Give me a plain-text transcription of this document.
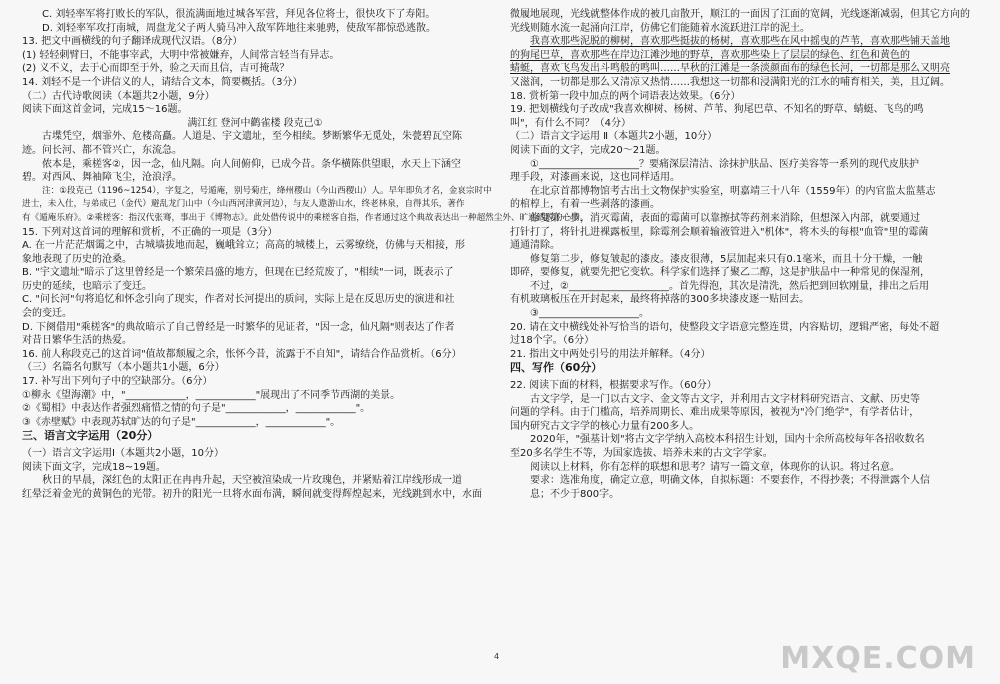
C. 刘轻率军将打败长的军队，很流满面地过城各军营，拜见各位将士，很快攻下了寿阳。
D. 刘轻率军攻打南城，周盘龙父子两人骑马冲入敌军阵地往来驰骋，使敌军都惊恐逃散。
13. 把文中画横线的句子翻译成现代汉语。（8分）
(1) 轻轻刺臂曰，不能事宰武，大明中常被嫌弃，人间常言轻当有异志。
(2) 义不义，去于心而即至于外，验之天而且信，吉可掩哉？
14. 刘轻不是一个讲信义的人，请结合文本，简要概括。（3分）
（二）古代诗歌阅读（本题共2小题，9分）
阅读下面这首金词，完成15～16题。
满江红 登河中鹳雀楼 段克己①
古堞凭空，烟霏外、危楼高矗。人道是、宇文遗址，至今相续。梦断繁华无觅处，朱甍碧瓦空陈
迹。问长河、都不管兴亡，东流急。
侬本是，乘槎客②，因一念，仙凡隔。向人间俯仰，已成今昔。条华横陈供望眼，水天上下涵空
碧。对西风、舞袖障飞尘，沧浪浮。
注：①段克己（1196~1254），字复之，号遁庵，别号菊庄，绛州稷山（今山西稷山）人。早年即负才名，金哀宗时中
进士，未入仕，与弟成已（金代）避乱龙门山中（今山西河津黄河边），与友人遨游山水，终老林泉，自得其乐，著作
有《遁庵乐府》。②乘槎客：指汉代张骞，事出于《博物志》。此处借传说中的乘槎客自指，作者通过这个典故表达出一种超然尘外、旷达洒脱的心情。
15. 下列对这首词的理解和赏析，不正确的一项是（3分）
A. 在一片茫茫烟霭之中，古城墙拔地而起，巍峨耸立；高高的城楼上，云雾缭绕，仿佛与天相接，形
象地表现了历史的沧桑。
B. "宇文遗址"暗示了这里曾经是一个繁荣昌盛的地方，但现在已经荒废了，"相续"一词，既表示了
历史的延续，也暗示了变迁。
C. "问长河"句将追忆和怀念引向了现实，作者对长河提出的质问，实际上是在反思历史的演进和社
会的变迁。
D. 下阕借用"乘槎客"的典故暗示了自己曾经是一时繁华的见证者，"因一念，仙凡隔"则表达了作者
对昔日繁华生活的热爱。
16. 前人称段克己的这首词"值故都颓履之余，怅怀今昔，流露于不自知"，请结合作品赏析。（6分）
（三）名篇名句默写（本小题共1小题，6分）
17. 补写出下列句子中的空缺部分。（6分）
①柳永《望海潮》中，"____________，____________"展现出了不同季节西湖的美景。
②《蜀相》中表达作者强烈痛惜之情的句子是"____________，____________"。
③《赤壁赋》中表现苏轼旷达的句子是"____________，____________"。
三、语言文字运用（20分）
（一）语言文字运用Ⅰ（本题共2小题，10分）
阅读下面文字，完成18~19题。
秋日的早晨，深红色的太阳正在冉冉升起，天空被渲染成一片玫瑰色，并紧贴着江岸线形成一道
红晕泛着金光的黄铜色的光带。初升的阳光一旦将水面布满，瞬间就变得辉煌起来，光线跳到水中，水面
微履地展现，光线就整体作成的被几亩散开，顺江的一面因了江面的宽阔，光线逐渐减弱，但其它方向的
光线则随水流一起涌向江岸，仿佛它们能随着水流跃进江岸的泥土。
我喜欢那些泥脱的柳树，喜欢那些挺拔的杨树，喜欢那些在风中摇曳的芦苇，喜欢那些铺天盖地
的狗尾巴草，喜欢那些在岸边江滩沙地的野草，喜欢那些染上了层层的绿色、红色和黄色的
蜻蜓，喜欢飞鸟发出斗鸣般的鸣叫……早秋的江滩是一条淡颜面布的绿色长河，一切都是那么又明亮
又滋润，一切都是那么又清凉又热情……我想这一切都和浸满阳光的江水的哺育相关，美，且辽阔。
18. 赏析第一段中加点的两个词语表达效果。（6分）
19. 把划横线句子改成"我喜欢柳树、杨树、芦苇、狗尾巴草、不知名的野草、蜻蜓、飞鸟的鸣
叫"，有什么不同？（4分）
（二）语言文字运用 Ⅱ（本题共2小题，10分）
阅读下面的文字，完成20～21题。
①____________________？要痛深层清洁、涂抹护肤品、医疗美容等一系列的现代皮肤护
理手段，对漆画来说，这也同样适用。
在北京首都博物馆考古出土文物保护实验室，明嘉靖三十八年（1559年）的内官监太监墓志
的棺椁上，有着一些剥落的漆画。
修复第一步，消灭霉菌，表面的霉菌可以靠擦拭等药剂来消除，但想深入内部，就要通过
打针打了，将针扎进裸露板里，除霉剂会顺着输液管进入"机体"，将木头的每根"血管"里的霉菌
通通清除。
修复第二步，修复皱起的漆皮。漆皮很薄，5层加起来只有0.1毫米，而且十分干燥，一触
即碎，要修复，就要先把它变软。科学家们选择了聚乙二醇，这是护肤品中一种常见的保湿剂，
不过，②____________________。首先得泡，其次是清洗，然后把到回软刚量，排出之后用
有机玻璃板压在开封起来，最终将掉落的300多块漆皮逐一贴回去。
③____________________。
20. 请在文中横线处补写恰当的语句，使整段文字语意完整连贯，内容贴切，逻辑严密，每处不超
过18个字。（6分）
21. 指出文中两处引号的用法并解释。（4分）
四、写作（60分）
22. 阅读下面的材料，根据要求写作。（60分）
古文字学，是一门以古文字、金文等古文字，并利用古文字材料研究语言、文献、历史等
问题的学科。由于门槛高，培养周期长、难出成果等原因，被视为"冷门绝学"，有学者估计，
国内研究古文字学的核心力量有200多人。
2020年，"强基计划"将古文字学纳入高校本科招生计划，国内十余所高校每年各招收数名
至20多名学生不等，为国家选拔、培养未来的古文字学家。
阅读以上材料，你有怎样的联想和思考？请写一篇文章，体现你的认识。将过名意。
要求：选准角度，确定立意，明确文体，自拟标题：不要套作，不得抄袭；不得泄露个人信
息；不少于800字。
4	MXQE.COM
